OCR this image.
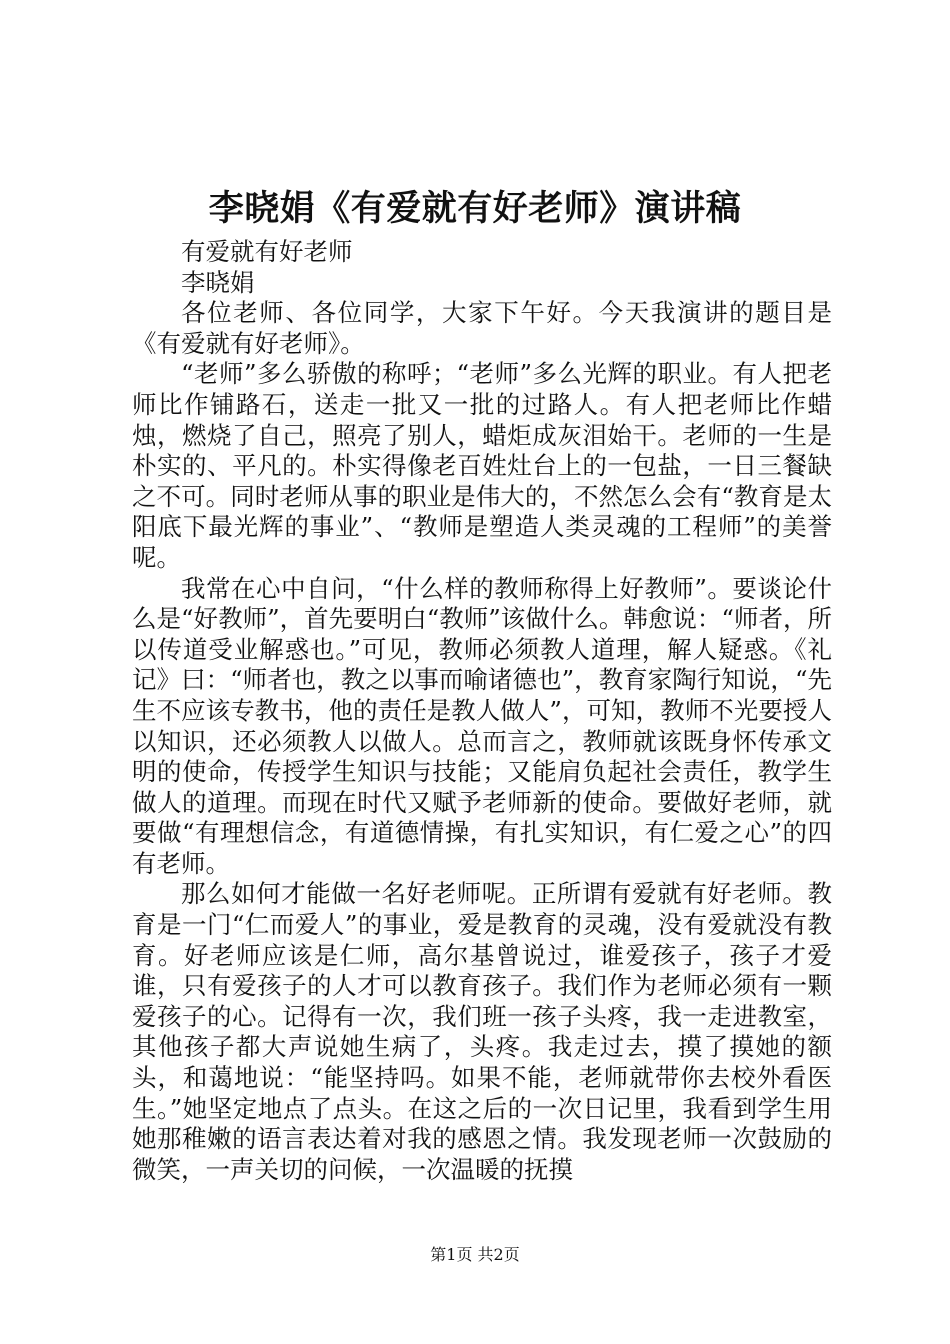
李晓娟《有爱就有好老师》演讲稿

有爱就有好老师

李晓娟

各位老师、各位同学，大家下午好。今天我演讲的题目是《有爱就有好老师》。

“老师”多么骄傲的称呼；“老师”多么光辉的职业。有人把老师比作铺路石，送走一批又一批的过路人。有人把老师比作蜡烛，燃烧了自己，照亮了别人，蜡炬成灰泪始干。老师的一生是朴实的、平凡的。朴实得像老百姓灶台上的一包盐，一日三餐缺之不可。同时老师从事的职业是伟大的，不然怎么会有“教育是太阳底下最光辉的事业”、“教师是塑造人类灵魂的工程师”的美誉呢。

我常在心中自问，“什么样的教师称得上好教师”。要谈论什么是“好教师”，首先要明白“教师”该做什么。韩愈说：“师者，所以传道受业解惑也。”可见，教师必须教人道理，解人疑惑。《礼记》曰：“师者也，教之以事而喻诸德也”，教育家陶行知说，“先生不应该专教书，他的责任是教人做人”，可知，教师不光要授人以知识，还必须教人以做人。总而言之，教师就该既身怀传承文明的使命，传授学生知识与技能；又能肩负起社会责任，教学生做人的道理。而现在时代又赋予老师新的使命。要做好老师，就要做“有理想信念，有道德情操，有扎实知识，有仁爱之心”的四有老师。

那么如何才能做一名好老师呢。正所谓有爱就有好老师。教育是一门“仁而爱人”的事业，爱是教育的灵魂，没有爱就没有教育。好老师应该是仁师，高尔基曾说过，谁爱孩子，孩子才爱谁，只有爱孩子的人才可以教育孩子。我们作为老师必须有一颗爱孩子的心。记得有一次，我们班一孩子头疼，我一走进教室，其他孩子都大声说她生病了，头疼。我走过去，摸了摸她的额头，和蔼地说：“能坚持吗。如果不能，老师就带你去校外看医生。”她坚定地点了点头。在这之后的一次日记里，我看到学生用她那稚嫩的语言表达着对我的感恩之情。我发现老师一次鼓励的微笑，一声关切的问候，一次温暖的抚摸

第1页 共2页
